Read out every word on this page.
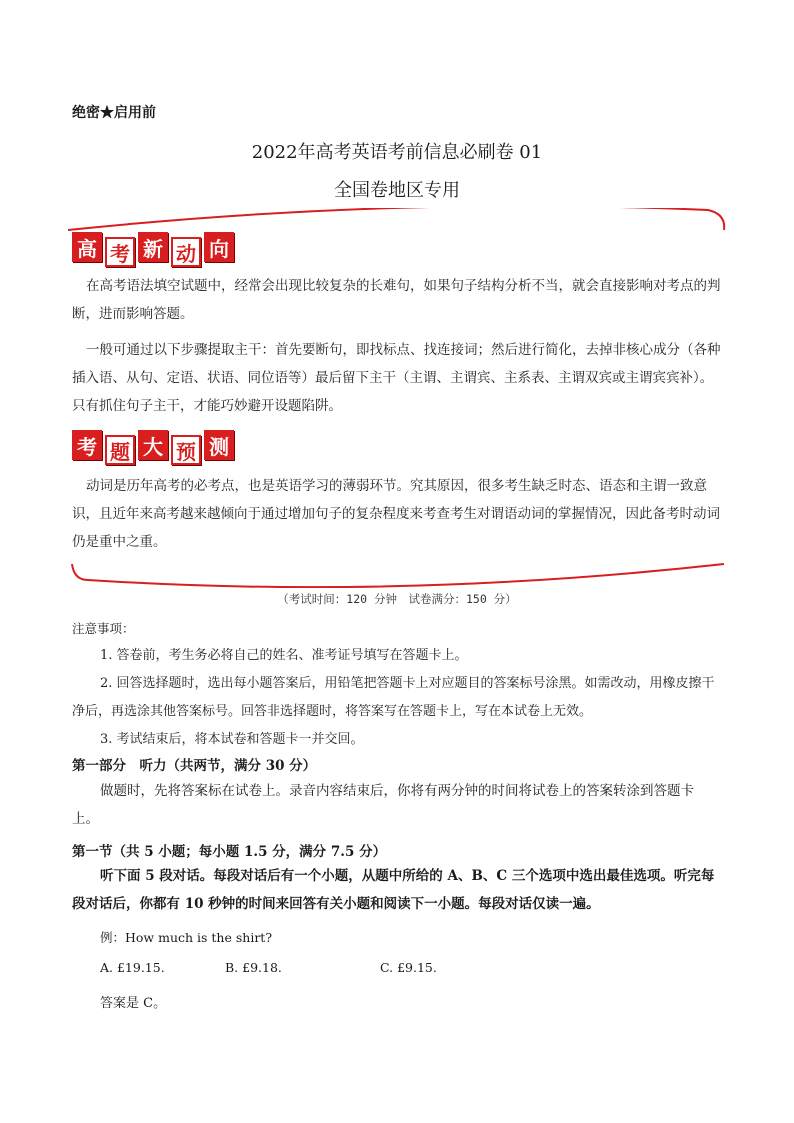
绝密★启用前
2022年高考英语考前信息必刷卷 01
全国卷地区专用
高 考 新 动 向
在高考语法填空试题中，经常会出现比较复杂的长难句，如果句子结构分析不当，就会直接影响对考点的判断，进而影响答题。
一般可通过以下步骤提取主干：首先要断句，即找标点、找连接词；然后进行简化，去掉非核心成分（各种插入语、从句、定语、状语、同位语等）最后留下主干（主谓、主谓宾、主系表、主谓双宾或主谓宾宾补）。只有抓住句子主干，才能巧妙避开设题陷阱。
考 题 大 预 测
动词是历年高考的必考点，也是英语学习的薄弱环节。究其原因，很多考生缺乏时态、语态和主谓一致意识，且近年来高考越来越倾向于通过增加句子的复杂程度来考查考生对谓语动词的掌握情况，因此备考时动词仍是重中之重。
（考试时间：120 分钟　试卷满分：150 分）
注意事项：
1. 答卷前，考生务必将自己的姓名、准考证号填写在答题卡上。
2. 回答选择题时，选出每小题答案后，用铅笔把答题卡上对应题目的答案标号涂黑。如需改动，用橡皮擦干净后，再选涂其他答案标号。回答非选择题时，将答案写在答题卡上，写在本试卷上无效。
3. 考试结束后，将本试卷和答题卡一并交回。
第一部分　听力（共两节，满分 30 分）
做题时，先将答案标在试卷上。录音内容结束后，你将有两分钟的时间将试卷上的答案转涂到答题卡上。
第一节（共 5 小题；每小题 1.5 分，满分 7.5 分）
听下面 5 段对话。每段对话后有一个小题，从题中所给的 A、B、C 三个选项中选出最佳选项。听完每段对话后，你都有 10 秒钟的时间来回答有关小题和阅读下一小题。每段对话仅读一遍。
例：How much is the shirt?
A. £19.15.	B. £9.18.	C. £9.15.
答案是 C。
